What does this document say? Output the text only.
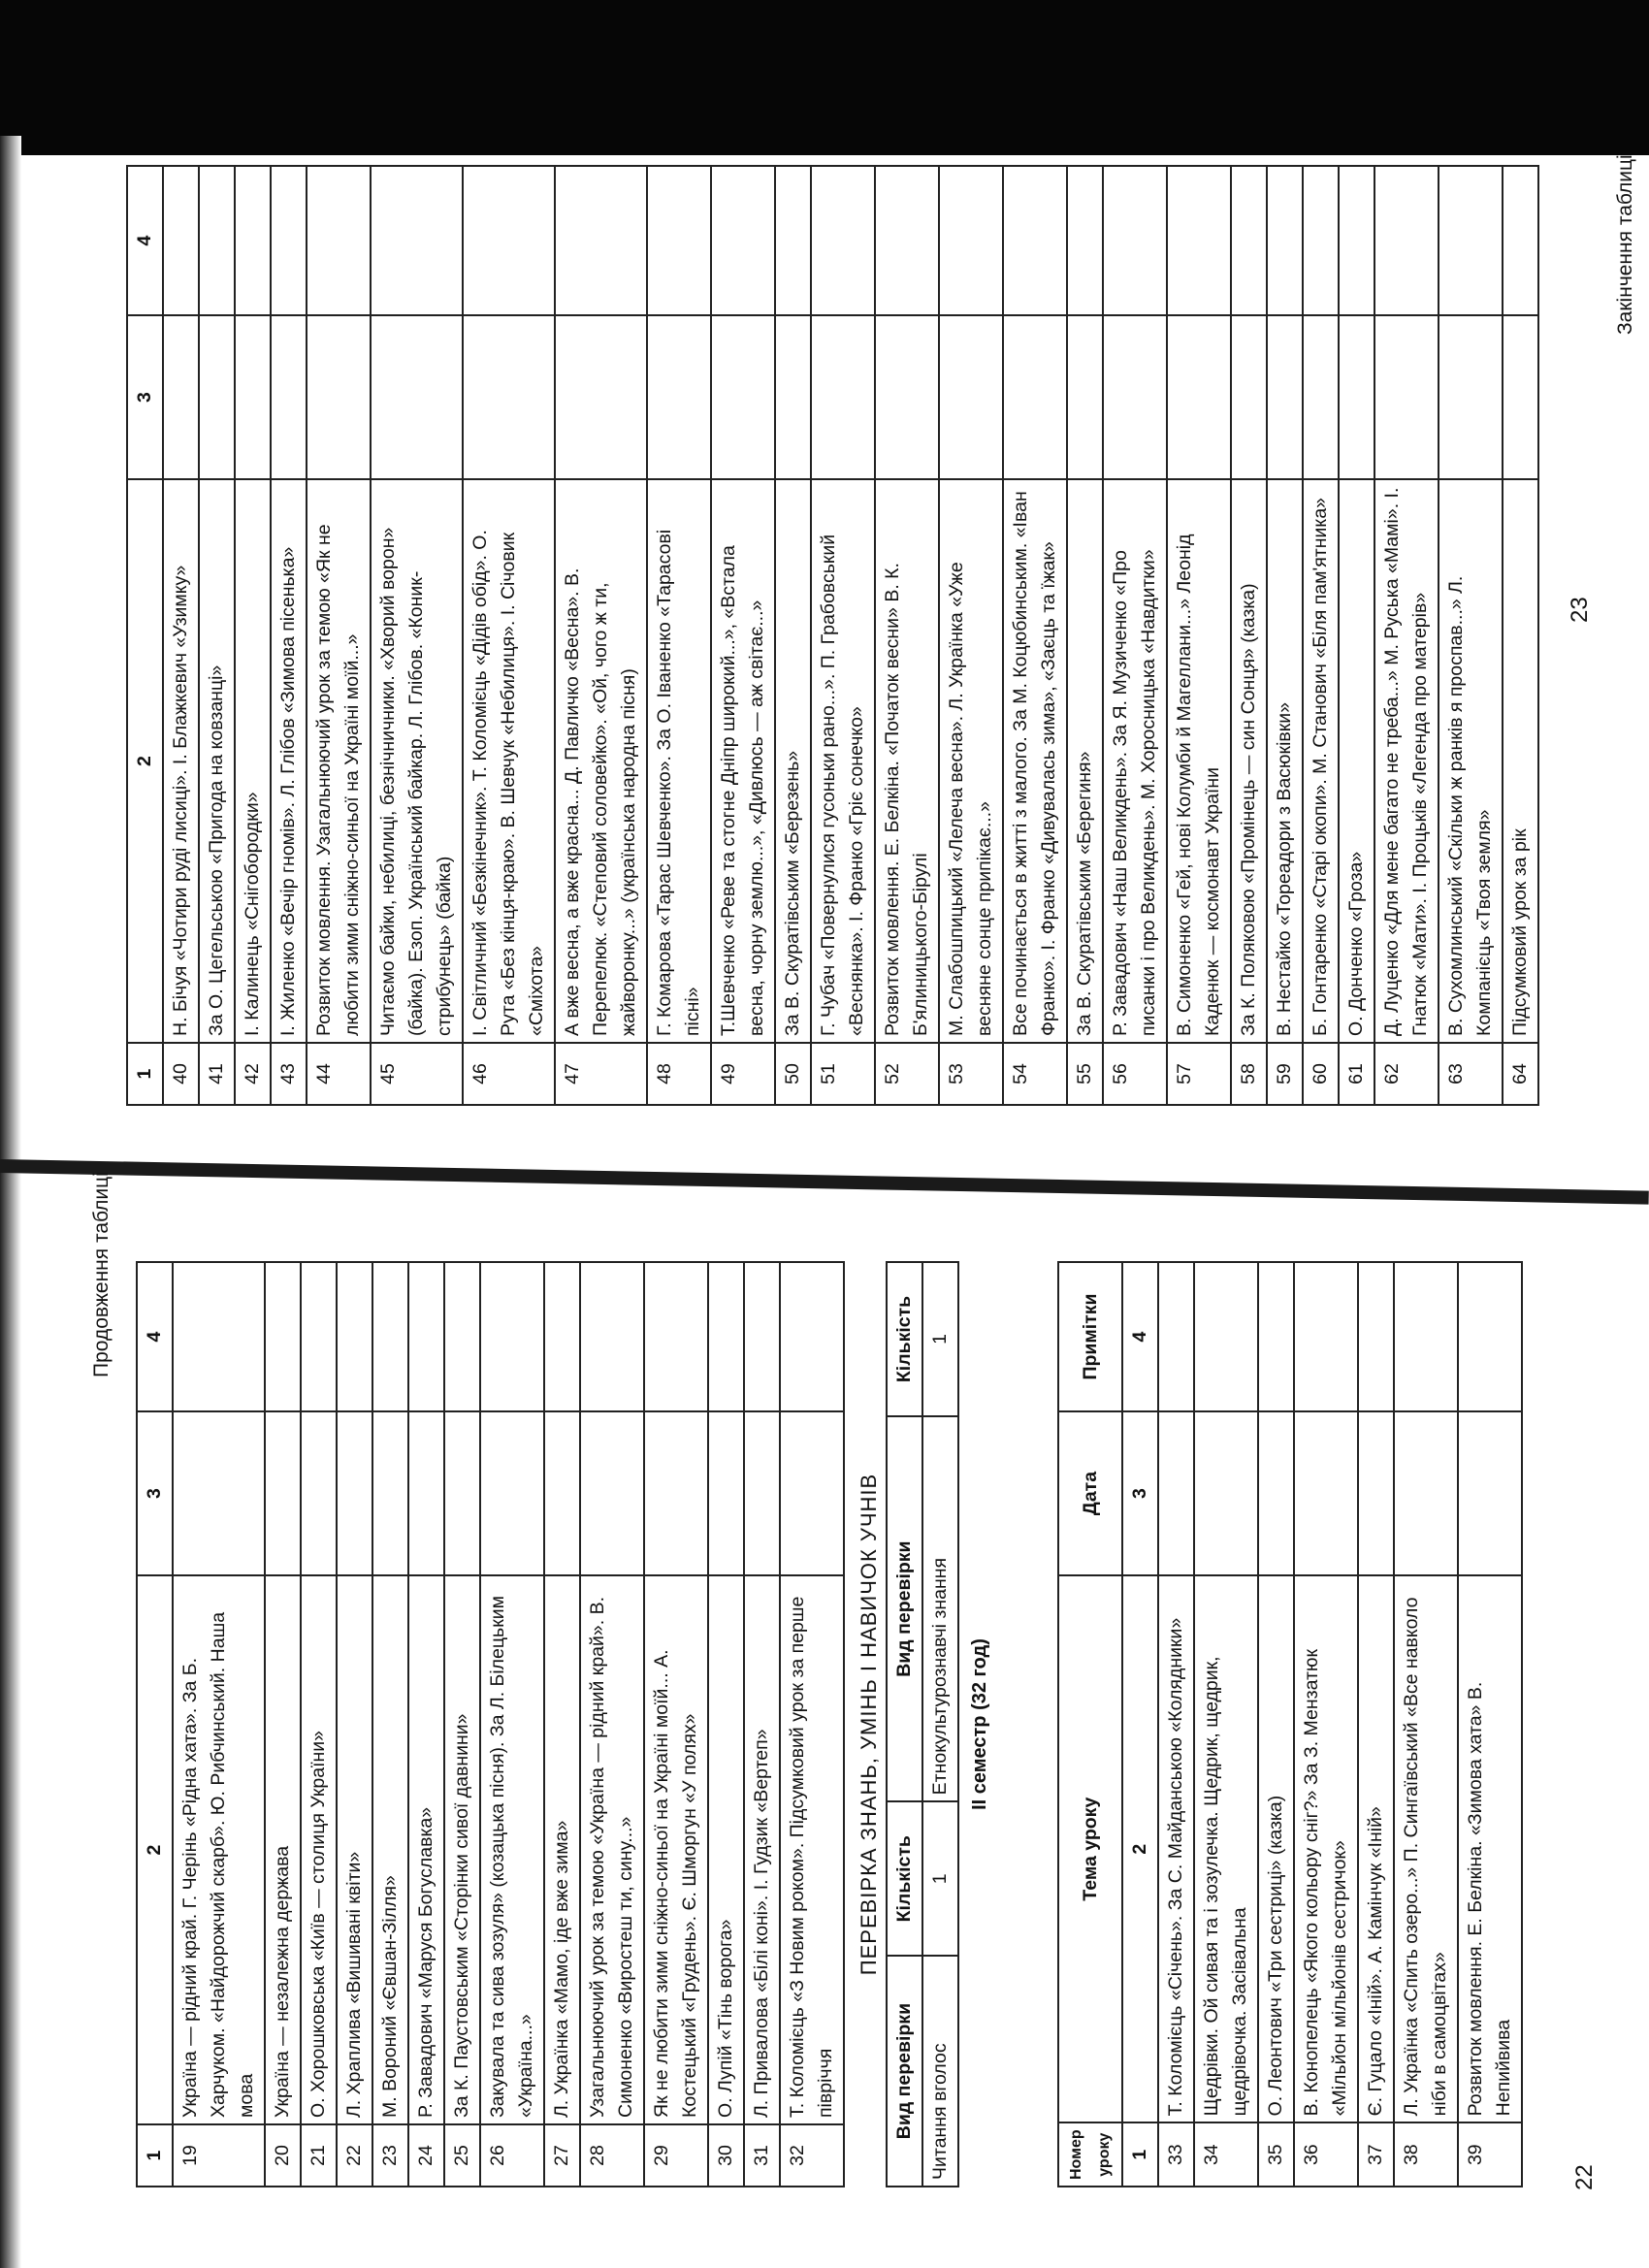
Продовження таблиці
Закінчення таблиці
22
23
1	2	3	4
19	Україна — рідний край. Г. Черінь «Рідна хата». За Б. Харчуком. «Найдорожчий скарб». Ю. Рибчинський. Наша мова		
20	Україна — незалежна держава		
21	О. Хорошковська «Київ — столиця України»		
22	Л. Храплива «Вишивані квіти»		
23	М. Вороний «Євшан-Зілля»		
24	Р. Завадович «Маруся Богуславка»		
25	За К. Паустовським «Сторінки сивої давнини»		
26	Закувала та сива зозуля» (козацька пісня). За Л. Білецьким «Україна...»		
27	Л. Українка «Мамо, іде вже зима»		
28	Узагальнюючий урок за темою «Україна — рідний край». В. Симоненко «Виростеш ти, сину...»		
29	Як не любити зими сніжно-синьої на Україні моїй... А. Костецький «Грудень». Є. Шморгун «У полях»		
30	О. Лупій «Тінь ворога»		
31	Л. Привалова «Білі коні». І. Гудзик «Вертеп»		
32	Т. Коломієць «З Новим роком». Підсумковий урок за перше півріччя		
ПЕРЕВІРКА ЗНАНЬ, УМІНЬ І НАВИЧОК УЧНІВ			
Вид перевірки	Кількість	Вид перевірки	Кількість
Читання вголос	1	Етнокультурознавчі знання	1
II семестр (32 год)
Номер уроку	Тема уроку	Дата	Примітки
1	2	3	4
33	Т. Коломієць «Січень». За С. Майданською «Колядники»		
34	Щедрівки. Ой сивая та і зозулечка. Щедрик, щедрик, щедрівочка. Засівальна		
35	О. Леонтович «Три сестриці» (казка)		
36	В. Конопелець «Якого кольору сніг?» За З. Мензатюк «Мільйон мільйонів сестричок»		
37	Є. Гуцало «Іній». А. Камінчук «Іній»		
38	Л. Українка «Спить озеро...» П. Сингаївський «Все навколо ніби в самоцвітах»		
39	Розвиток мовлення. Е. Белкіна. «Зимова хата» В. Непийвива		
1	2	3	4
40	Н. Бічуя «Чотири руді лисиці». І. Блажкевич «Узимку»		
41	За О. Цегельською «Пригода на ковзанці»		
42	І. Калинець «Снігобородки»		
43	І. Жиленко «Вечір гномів». Л. Глібов «Зимова пісенька»		
44	Розвиток мовлення. Узагальнюючий урок за темою «Як не любити зими сніжно-синьої на Україні моїй...»		
45	Читаємо байки, небилиці, безнічничники. «Хворий ворон» (байка). Езоп. Український байкар. Л. Глібов. «Коник-стрибунець» (байка)		
46	І. Світличний «Безкінечник». Т. Коломієць «Дідів обід». О. Рута «Без кінця-краю». В. Шевчук «Небилиця». І. Січовик «Сміхота»		
47	А вже весна, а вже красна... Д. Павличко «Весна». В. Перепелюк. «Степовий соловейко». «Ой, чого ж ти, жайворонку...» (українська народна пісня)		
48	Г. Комарова «Тарас Шевченко». За О. Іваненко «Тарасові пісні»		
49	Т.Шевченко «Реве та стогне Дніпр широкий...», «Встала весна, чорну землю...», «Дивлюсь — аж світає...»		
50	За В. Скуратівським «Березень»		
51	Г. Чубач «Повернулися гусоньки рано...». П. Грабовський «Веснянка». І. Франко «Гріє сонечко»		
52	Розвиток мовлення. Е. Белкіна. «Початок весни» В. К. Б'ялиницького-Бірулі		
53	М. Слабошпицький «Лелеча весна». Л. Українка «Уже весняне сонце припікає...»		
54	Все починається в житті з малого. За М. Коцюбинським. «Іван Франко». І. Франко «Дивувалась зима», «Заєць та їжак»		
55	За В. Скуратівським «Берегиня»		
56	Р. Завадович «Наш Великдень». За Я. Музиченко «Про писанки і про Великдень». М. Хоросницька «Навдитки»		
57	В. Симоненко «Гей, нові Колумби й Магеллани...» Леонід Каденюк — космонавт України		
58	За К. Поляковою «Промінець — син Сонця» (казка)		
59	В. Нестайко «Тореадори з Васюківки»		
60	Б. Гонтаренко «Старі окопи». М. Станович «Біля пам'ятника»		
61	О. Донченко «Гроза»		
62	Д. Луценко «Для мене багато не треба...» М. Руська «Мамі». І. Гнатюк «Мати». І. Процьків «Легенда про матерів»		
63	В. Сухомлинський «Скільки ж ранків я проспав...» Л. Компанієць «Твоя земля»		
64	Підсумковий урок за рік		
